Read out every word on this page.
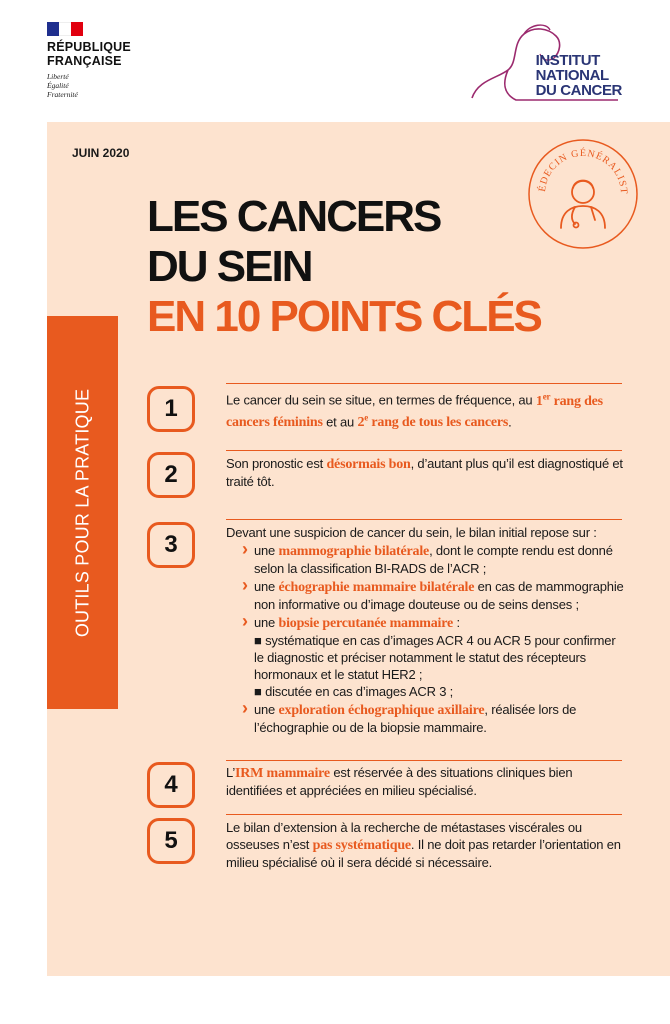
RÉPUBLIQUE
FRANÇAISE
Liberté
Égalité
Fraternité
INSTITUT
NATIONAL
DU CANCER
JUIN 2020
ÉDECIN GÉNÉRALIST
LES CANCERS
DU SEIN
EN 10 POINTS CLÉS
OUTILS POUR LA PRATIQUE	1	Le cancer du sein se situe, en termes de fréquence, au 1er rang des cancers féminins et au 2e rang de tous les cancers.
2	Son pronostic est désormais bon, d’autant plus qu’il est diagnostiqué et traité tôt.
3	Devant une suspicion de cancer du sein, le bilan initial repose sur :
› une mammographie bilatérale, dont le compte rendu est donné selon la classification BI-RADS de l’ACR ;
› une échographie mammaire bilatérale en cas de mammographie non informative ou d’image douteuse ou de seins denses ;
› une biopsie percutanée mammaire :
■ systématique en cas d’images ACR 4 ou ACR 5 pour confirmer le diagnostic et préciser notamment le statut des récepteurs hormonaux et le statut HER2 ;
■ discutée en cas d’images ACR 3 ;
› une exploration échographique axillaire, réalisée lors de l’échographie ou de la biopsie mammaire.
4	L’IRM mammaire est réservée à des situations cliniques bien identifiées et appréciées en milieu spécialisé.
5	Le bilan d’extension à la recherche de métastases viscérales ou osseuses n’est pas systématique. Il ne doit pas retarder l’orientation en milieu spécialisé où il sera décidé si nécessaire.
